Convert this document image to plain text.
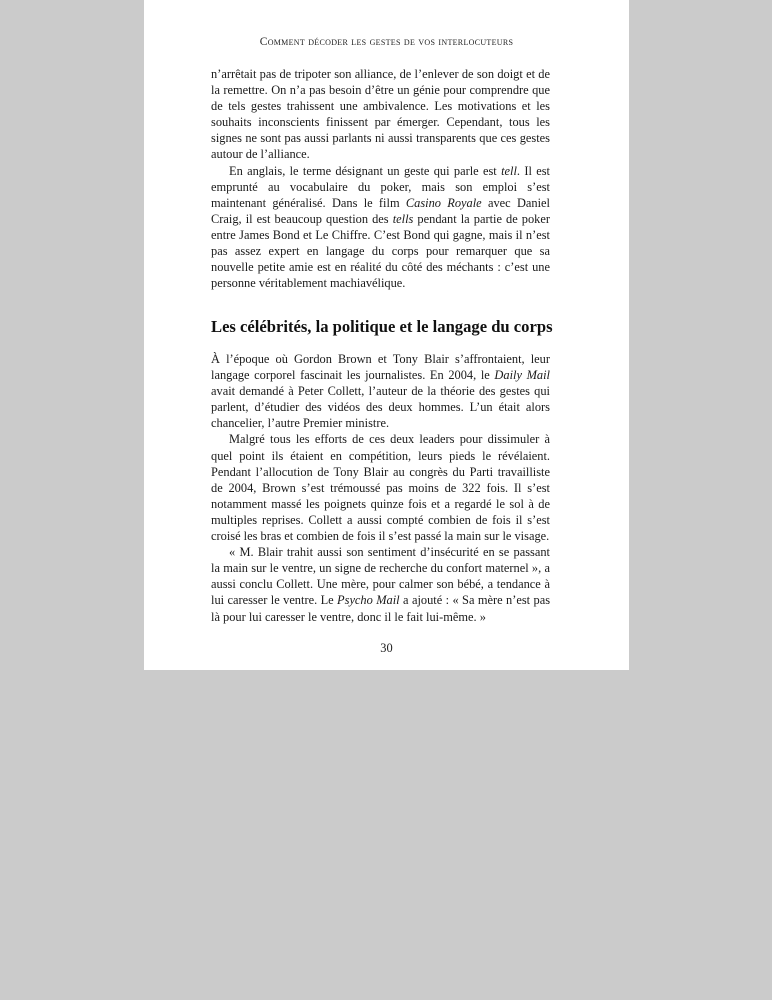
Comment décoder les gestes de vos interlocuteurs

n’arrêtait pas de tripoter son alliance, de l’enlever de son doigt et de la remettre. On n’a pas besoin d’être un génie pour comprendre que de tels gestes trahissent une ambivalence. Les motivations et les souhaits inconscients finissent par émerger. Cependant, tous les signes ne sont pas aussi parlants ni aussi transparents que ces gestes autour de l’alliance.

En anglais, le terme désignant un geste qui parle est tell. Il est emprunté au vocabulaire du poker, mais son emploi s’est maintenant généralisé. Dans le film Casino Royale avec Daniel Craig, il est beaucoup question des tells pendant la partie de poker entre James Bond et Le Chiffre. C’est Bond qui gagne, mais il n’est pas assez expert en langage du corps pour remarquer que sa nouvelle petite amie est en réalité du côté des méchants : c’est une personne véritablement machiavélique.

Les célébrités, la politique et le langage du corps

À l’époque où Gordon Brown et Tony Blair s’affrontaient, leur langage corporel fascinait les journalistes. En 2004, le Daily Mail avait demandé à Peter Collett, l’auteur de la théorie des gestes qui parlent, d’étudier des vidéos des deux hommes. L’un était alors chancelier, l’autre Premier ministre.

Malgré tous les efforts de ces deux leaders pour dissimuler à quel point ils étaient en compétition, leurs pieds le révélaient. Pendant l’allocution de Tony Blair au congrès du Parti travailliste de 2004, Brown s’est trémoussé pas moins de 322 fois. Il s’est notamment massé les poignets quinze fois et a regardé le sol à de multiples reprises. Collett a aussi compté combien de fois il s’est croisé les bras et combien de fois il s’est passé la main sur le visage.

« M. Blair trahit aussi son sentiment d’insécurité en se passant la main sur le ventre, un signe de recherche du confort maternel », a aussi conclu Collett. Une mère, pour calmer son bébé, a tendance à lui caresser le ventre. Le Psycho Mail a ajouté : « Sa mère n’est pas là pour lui caresser le ventre, donc il le fait lui-même. »

30
